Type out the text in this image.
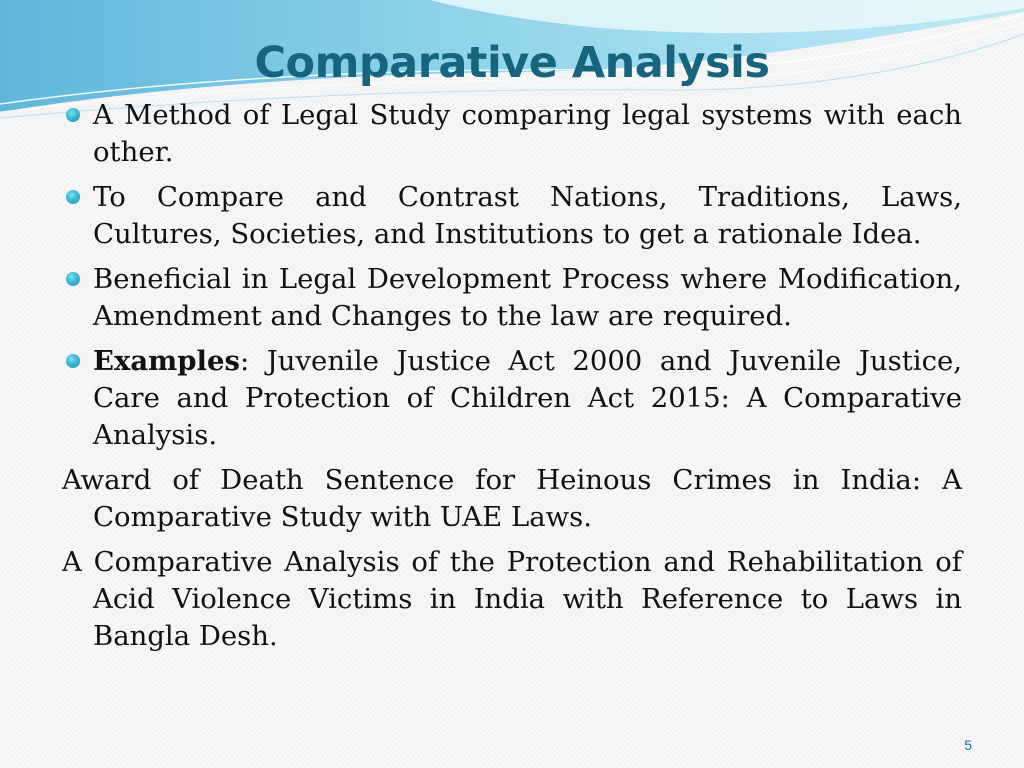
Comparative Analysis
A Method of Legal Study comparing legal systems with each other.
To Compare and Contrast Nations, Traditions, Laws, Cultures, Societies, and Institutions to get a rationale Idea.
Beneficial in Legal Development Process where Modification, Amendment and Changes to the law are required.
Examples: Juvenile Justice Act 2000 and Juvenile Justice, Care and Protection of Children Act 2015: A Comparative Analysis.

Award of Death Sentence for Heinous Crimes in India: A Comparative Study with UAE Laws.

A Comparative Analysis of the Protection and Rehabilitation of Acid Violence Victims in India with Reference to Laws in Bangla Desh.

5
